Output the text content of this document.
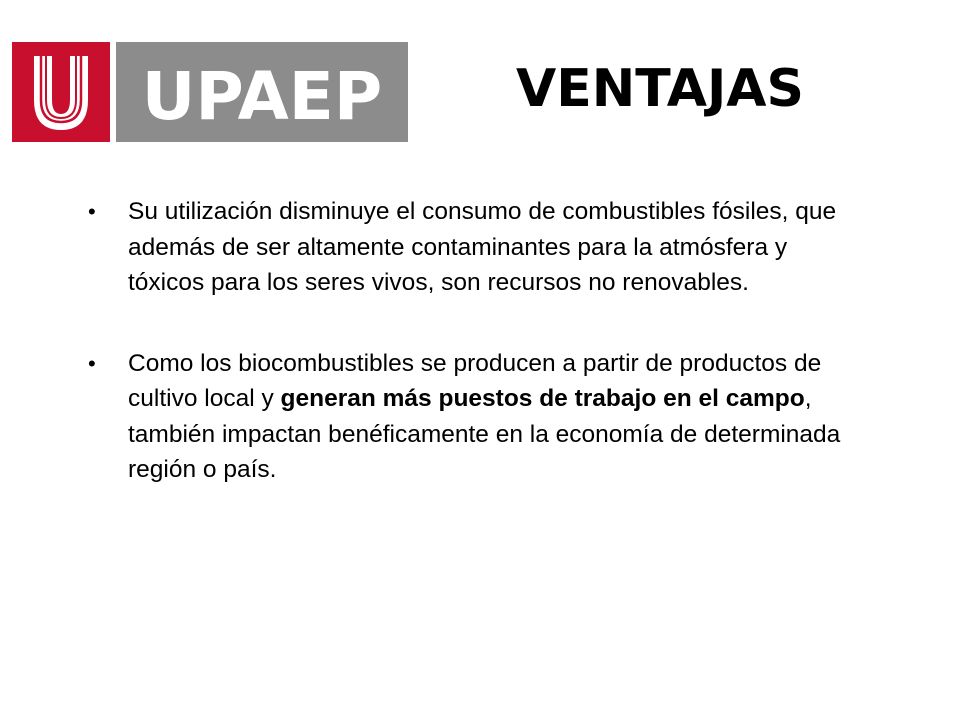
UPAEP	VENTAJAS
• Su utilización disminuye el consumo de combustibles fósiles, que además de ser altamente contaminantes para la atmósfera y tóxicos para los seres vivos, son recursos no renovables.
• Como los biocombustibles se producen a partir de productos de cultivo local y generan más puestos de trabajo en el campo, también impactan benéficamente en la economía de determinada región o país.
